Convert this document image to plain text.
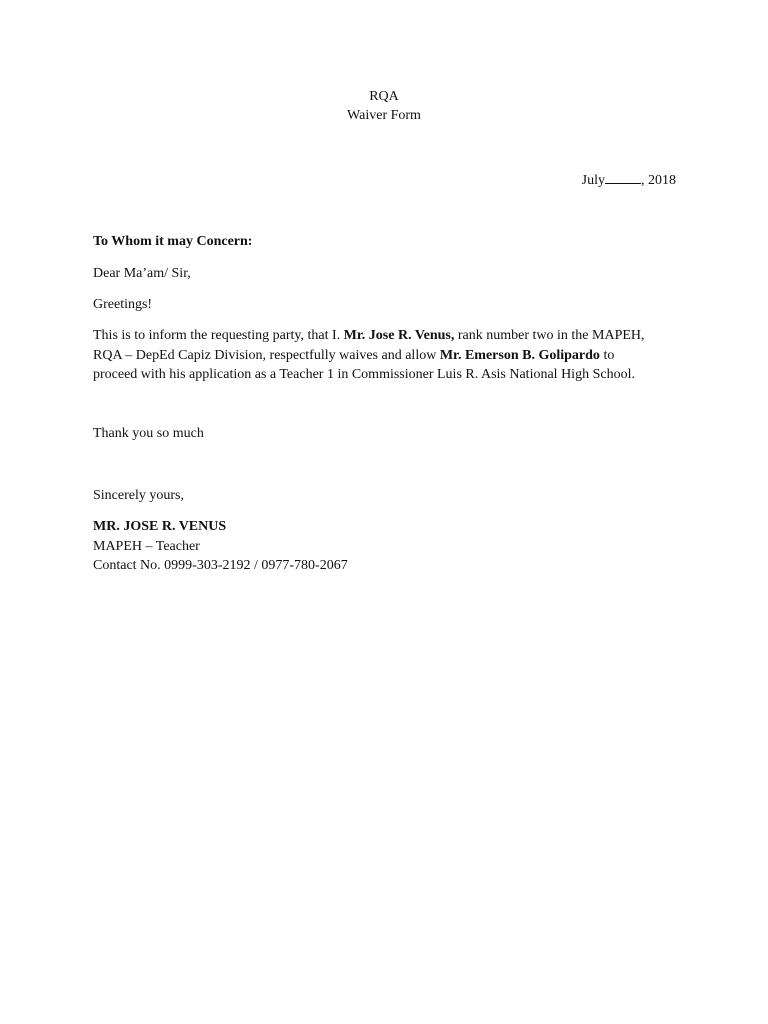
RQA
Waiver Form
July	, 2018
To Whom it may Concern:
Dear Ma’am/ Sir,
Greetings!
This is to inform the requesting party, that I. Mr. Jose R. Venus, rank number two in the MAPEH, RQA – DepEd Capiz Division, respectfully waives and allow Mr. Emerson B. Golipardo to proceed with his application as a Teacher 1 in Commissioner Luis R. Asis National High School.
Thank you so much
Sincerely yours,
MR. JOSE R. VENUS
MAPEH – Teacher
Contact No. 0999-303-2192 / 0977-780-2067
